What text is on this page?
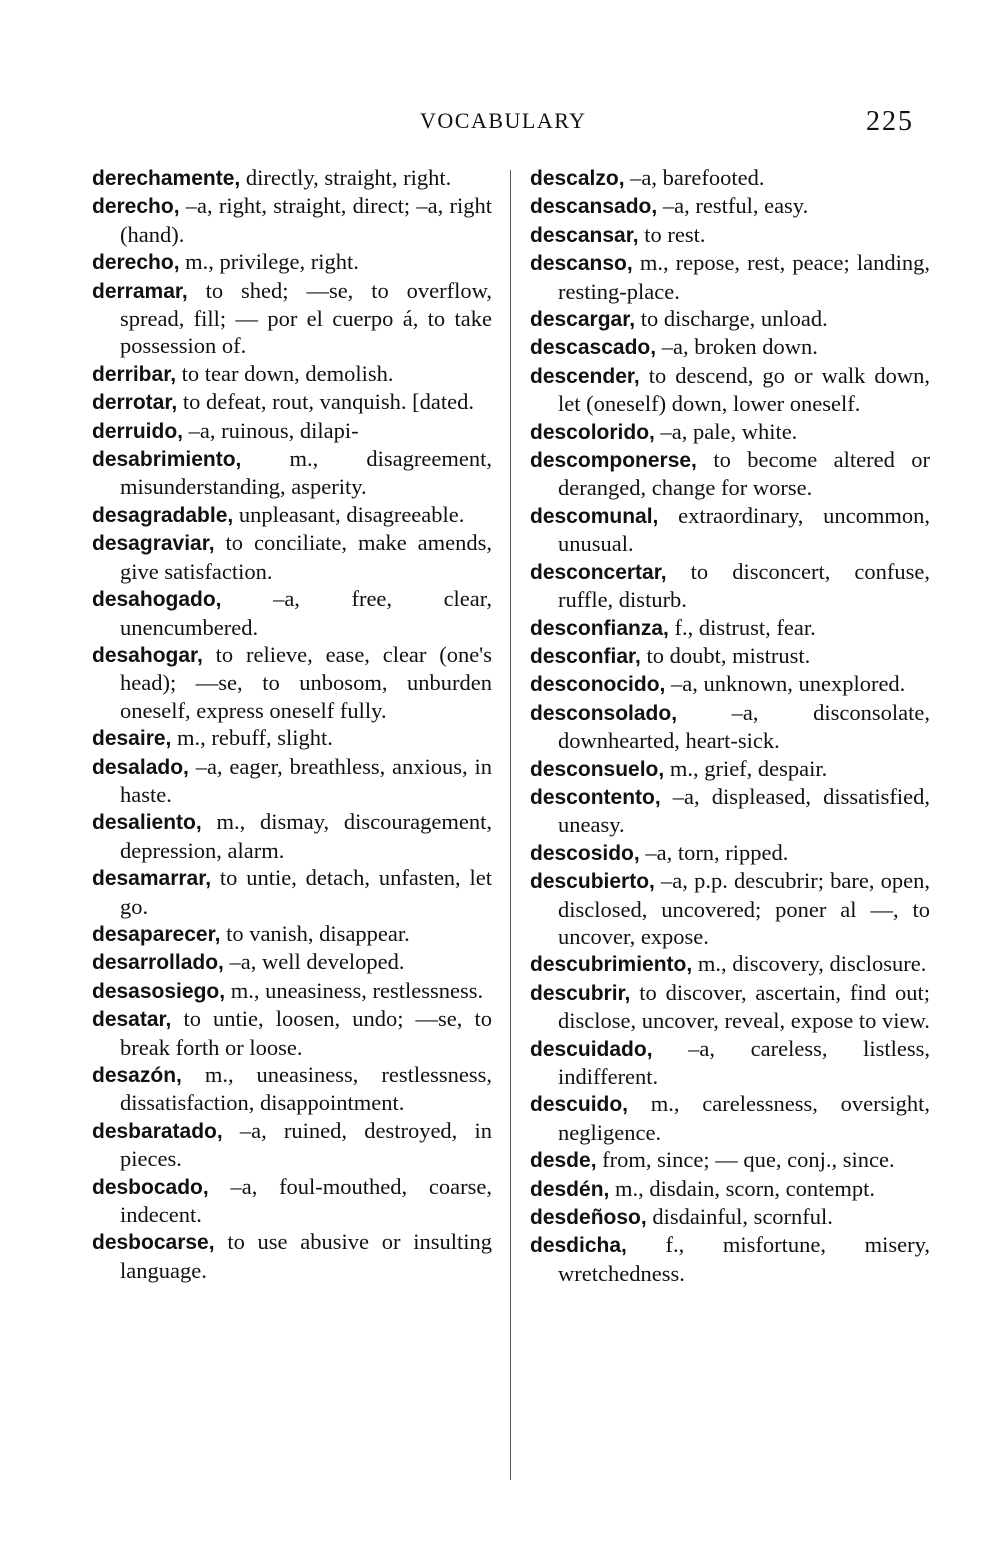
VOCABULARY	225
derechamente, directly, straight, right.
derecho, –a, right, straight, direct; –a, right (hand).
derecho, m., privilege, right.
derramar, to shed; —se, to overflow, spread, fill; — por el cuerpo á, to take possession of.
derribar, to tear down, demolish.
derrotar, to defeat, rout, vanquish. [dated.
derruido, –a, ruinous, dilapi-
desabrimiento, m., disagreement, misunderstanding, asperity.
desagradable, unpleasant, disagreeable.
desagraviar, to conciliate, make amends, give satisfaction.
desahogado, –a, free, clear, unencumbered.
desahogar, to relieve, ease, clear (one's head); —se, to unbosom, unburden oneself, express oneself fully.
desaire, m., rebuff, slight.
desalado, –a, eager, breathless, anxious, in haste.
desaliento, m., dismay, discouragement, depression, alarm.
desamarrar, to untie, detach, unfasten, let go.
desaparecer, to vanish, disappear.
desarrollado, –a, well developed.
desasosiego, m., uneasiness, restlessness.
desatar, to untie, loosen, undo; —se, to break forth or loose.
desazón, m., uneasiness, restlessness, dissatisfaction, disappointment.
desbaratado, –a, ruined, destroyed, in pieces.
desbocado, –a, foul-mouthed, coarse, indecent.
desbocarse, to use abusive or insulting language.
descalzo, –a, barefooted.
descansado, –a, restful, easy.
descansar, to rest.
descanso, m., repose, rest, peace; landing, resting-place.
descargar, to discharge, unload.
descascado, –a, broken down.
descender, to descend, go or walk down, let (oneself) down, lower oneself.
descolorido, –a, pale, white.
descomponerse, to become altered or deranged, change for worse.
descomunal, extraordinary, uncommon, unusual.
desconcertar, to disconcert, confuse, ruffle, disturb.
desconfianza, f., distrust, fear.
desconfiar, to doubt, mistrust.
desconocido, –a, unknown, unexplored.
desconsolado, –a, disconsolate, downhearted, heart-sick.
desconsuelo, m., grief, despair.
descontento, –a, displeased, dissatisfied, uneasy.
descosido, –a, torn, ripped.
descubierto, –a, p.p. descubrir; bare, open, disclosed, uncovered; poner al —, to uncover, expose.
descubrimiento, m., discovery, disclosure.
descubrir, to discover, ascertain, find out; disclose, uncover, reveal, expose to view.
descuidado, –a, careless, listless, indifferent.
descuido, m., carelessness, oversight, negligence.
desde, from, since; — que, conj., since.
desdén, m., disdain, scorn, contempt.
desdeñoso, disdainful, scornful.
desdicha, f., misfortune, misery, wretchedness.
